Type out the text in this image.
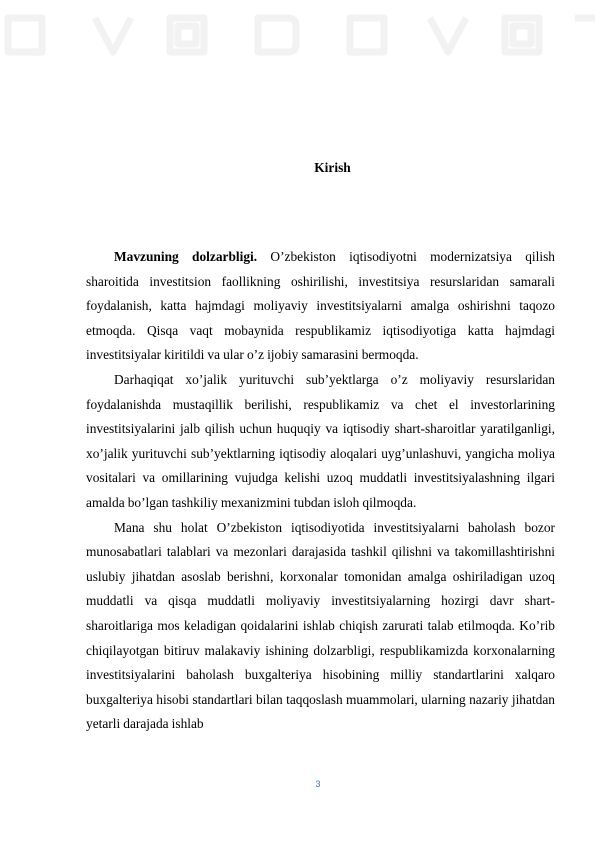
Kirish

Mavzuning dolzarbligi. O’zbekiston iqtisodiyotni modernizatsiya qilish sharoitida investitsion faollikning oshirilishi, investitsiya resurslaridan samarali foydalanish, katta hajmdagi moliyaviy investitsiyalarni amalga oshirishni taqozo etmoqda. Qisqa vaqt mobaynida respublikamiz iqtisodiyotiga katta hajmdagi investitsiyalar kiritildi va ular o’z ijobiy samarasini bermoqda.

Darhaqiqat xo’jalik yurituvchi sub’yektlarga o’z moliyaviy resurslaridan foydalanishda mustaqillik berilishi, respublikamiz va chet el investorlarining investitsiyalarini jalb qilish uchun huquqiy va iqtisodiy shart-sharoitlar yaratilganligi, xo’jalik yurituvchi sub’yektlarning iqtisodiy aloqalari uyg’unlashuvi, yangicha moliya vositalari va omillarining vujudga kelishi uzoq muddatli investitsiyalashning ilgari amalda bo’lgan tashkiliy mexanizmini tubdan isloh qilmoqda.

Mana shu holat O’zbekiston iqtisodiyotida investitsiyalarni baholash bozor munosabatlari talablari va mezonlari darajasida tashkil qilishni va takomillashtirishni uslubiy jihatdan asoslab berishni, korxonalar tomonidan amalga oshiriladigan uzoq muddatli va qisqa muddatli moliyaviy investitsiyalarning hozirgi davr shart-sharoitlariga mos keladigan qoidalarini ishlab chiqish zarurati talab etilmoqda. Ko’rib chiqilayotgan bitiruv malakaviy ishining dolzarbligi, respublikamizda korxonalarning investitsiyalarini baholash buxgalteriya hisobining milliy standartlarini xalqaro buxgalteriya hisobi standartlari bilan taqqoslash muammolari, ularning nazariy jihatdan yetarli darajada ishlab

3
